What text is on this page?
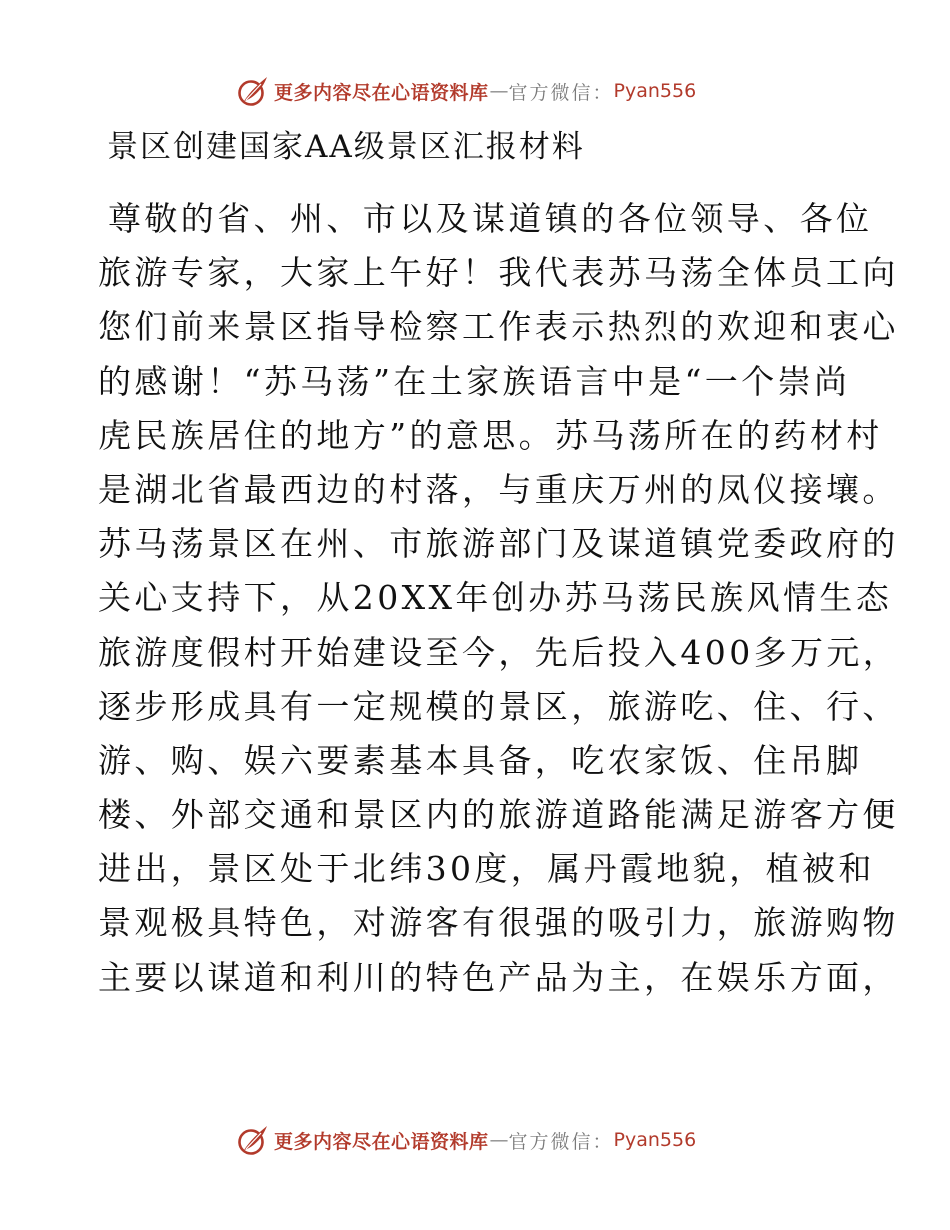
更多内容尽在心语资料库 — 官方微信： Pyan556
景区创建国家AA级景区汇报材料
尊敬的省、州、市以及谋道镇的各位领导、各位
旅游专家，大家上午好！我代表苏马荡全体员工向
您们前来景区指导检察工作表示热烈的欢迎和衷心
的感谢！“苏马荡”在土家族语言中是“一个崇尚
虎民族居住的地方”的意思。苏马荡所在的药材村
是湖北省最西边的村落，与重庆万州的凤仪接壤。
苏马荡景区在州、市旅游部门及谋道镇党委政府的
关心支持下，从20XX年创办苏马荡民族风情生态
旅游度假村开始建设至今，先后投入400多万元，
逐步形成具有一定规模的景区，旅游吃、住、行、
游、购、娱六要素基本具备，吃农家饭、住吊脚
楼、外部交通和景区内的旅游道路能满足游客方便
进出，景区处于北纬30度，属丹霞地貌，植被和
景观极具特色，对游客有很强的吸引力，旅游购物
主要以谋道和利川的特色产品为主，在娱乐方面，
更多内容尽在心语资料库 — 官方微信： Pyan556
